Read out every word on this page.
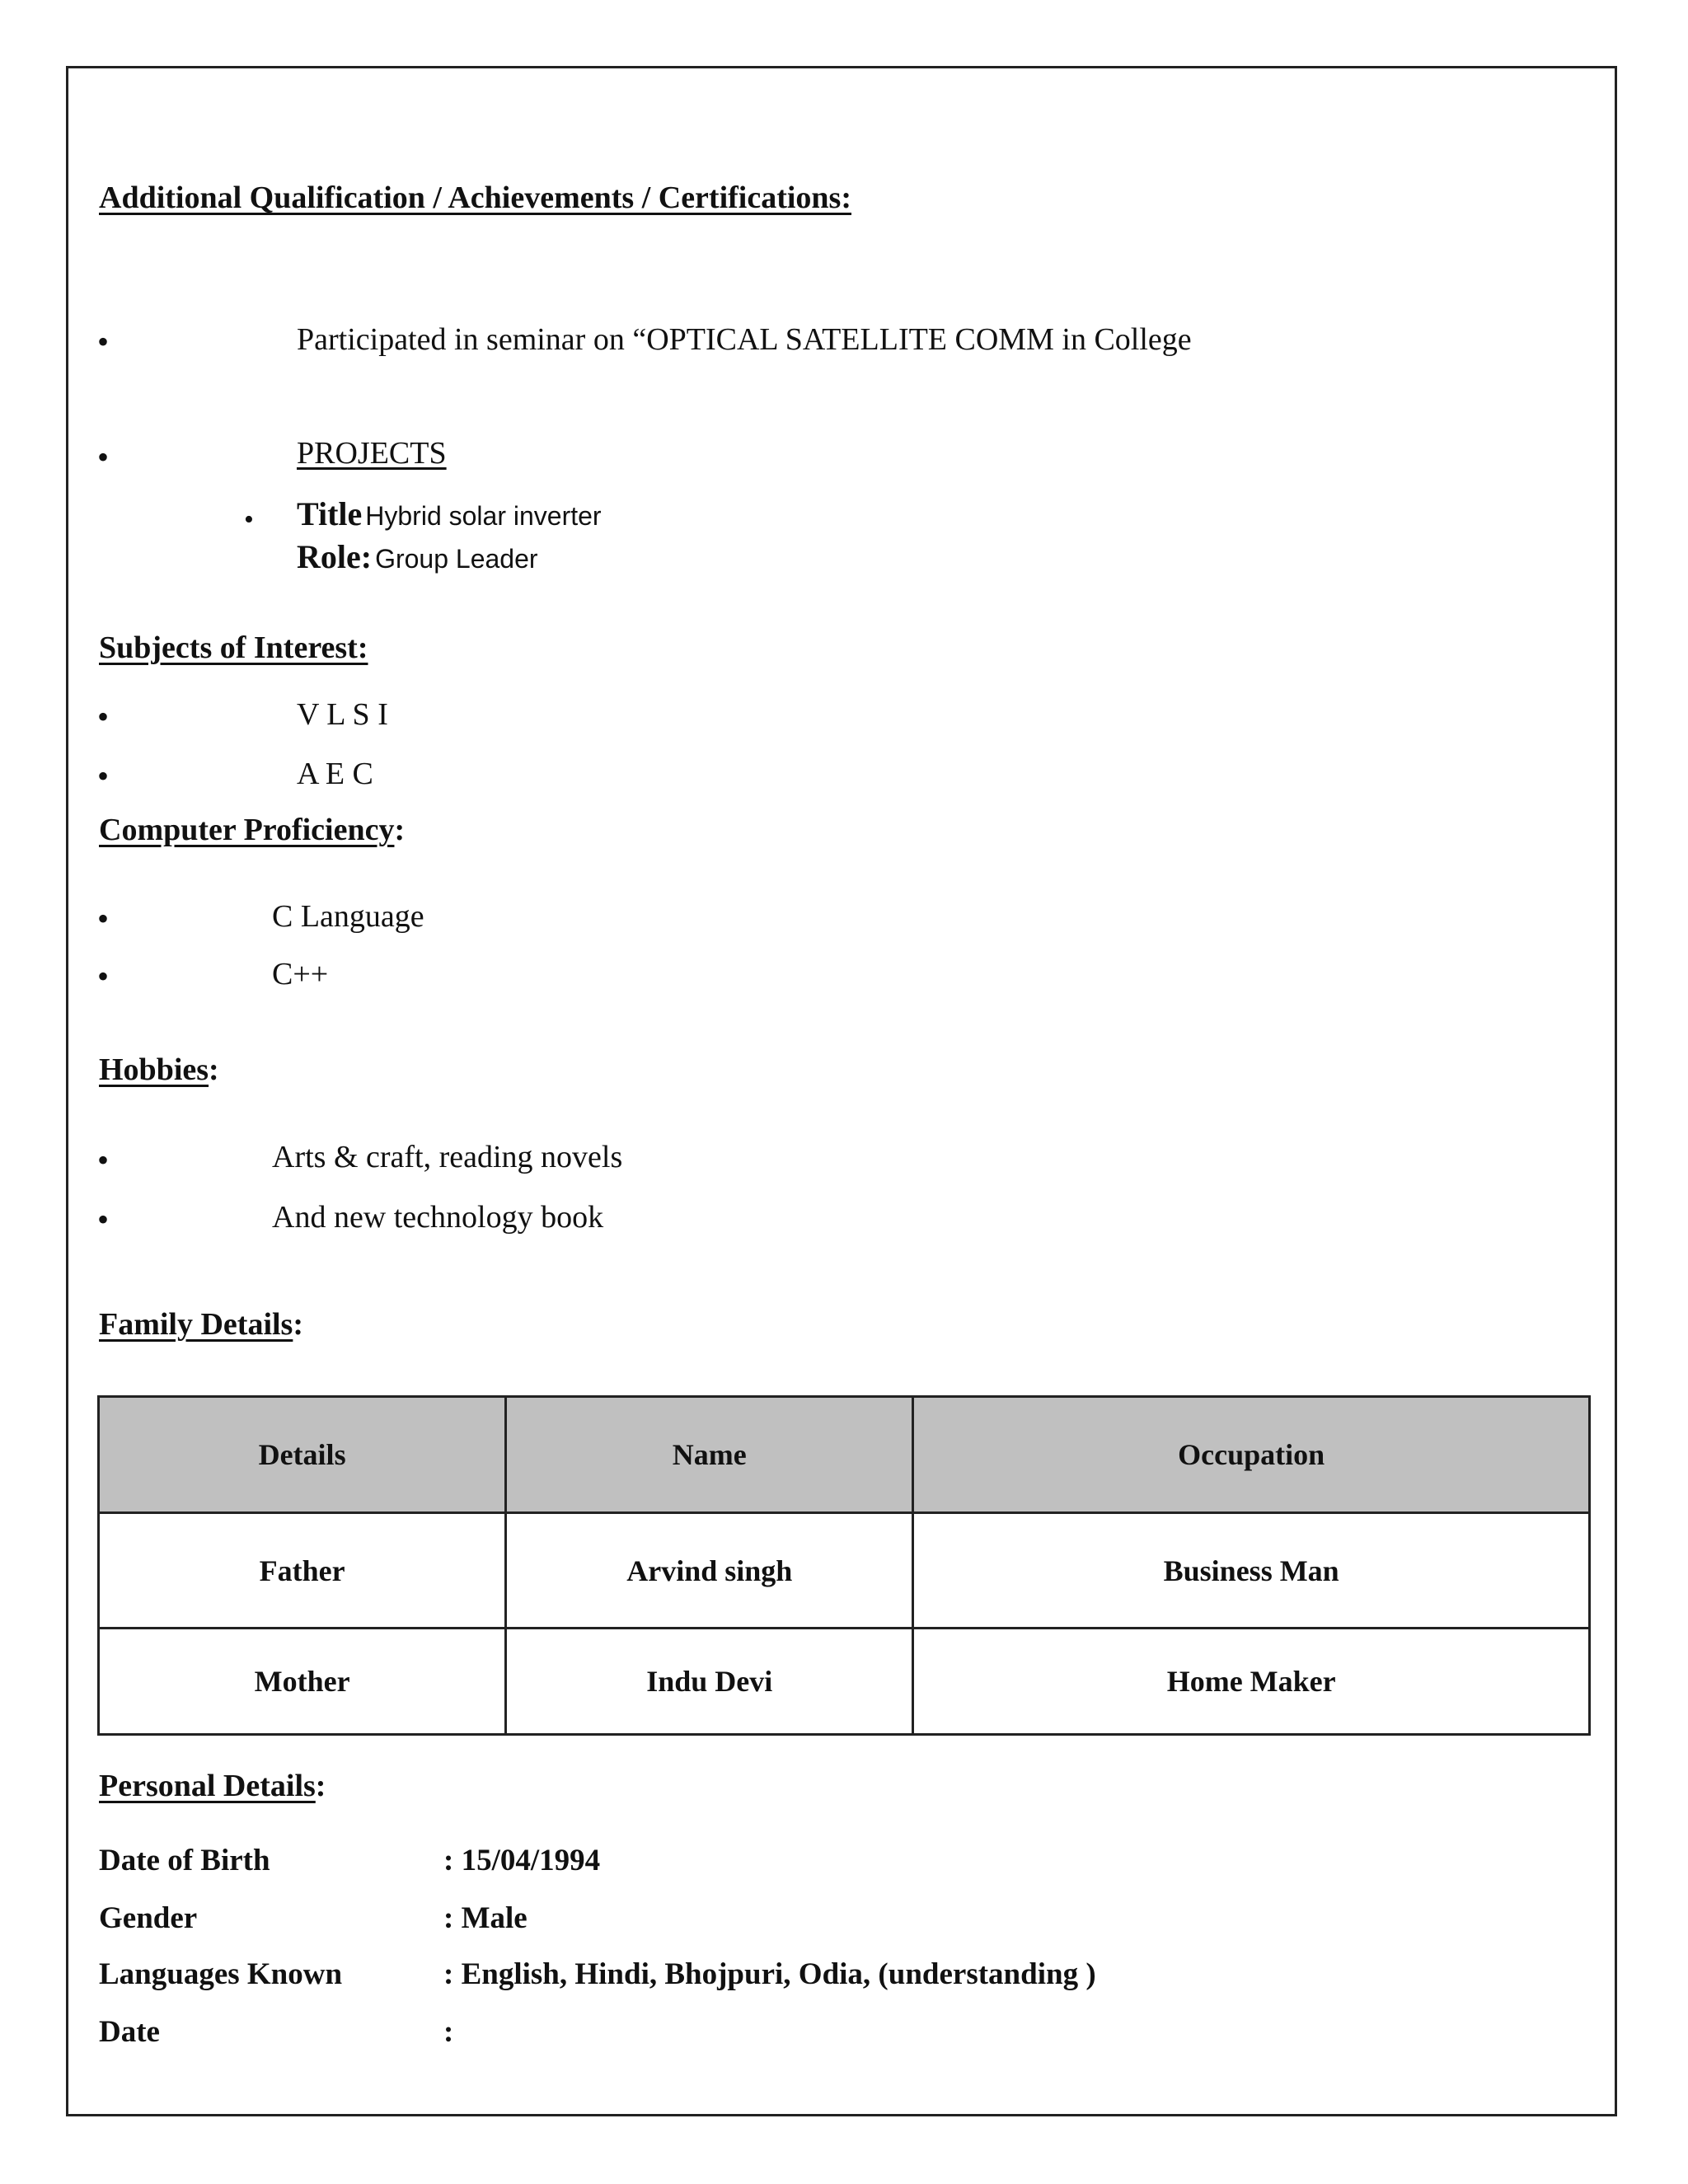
Additional Qualification / Achievements / Certifications:
•	Participated in seminar on “OPTICAL SATELLITE COMM in College
•	PROJECTS
• Title Hybrid solar inverter
Role: Group Leader
Subjects of Interest:
•	V L S I
•	A E C
Computer Proficiency:
•	C Language
•	C++
Hobbies:
•	Arts & craft, reading novels
•	And new technology book
Family Details:
Details	Name	Occupation
Father	Arvind singh	Business Man
Mother	Indu Devi	Home Maker
Personal Details:
Date of Birth	: 15/04/1994
Gender	: Male
Languages Known	: English, Hindi, Bhojpuri, Odia, (understanding )
Date	:
